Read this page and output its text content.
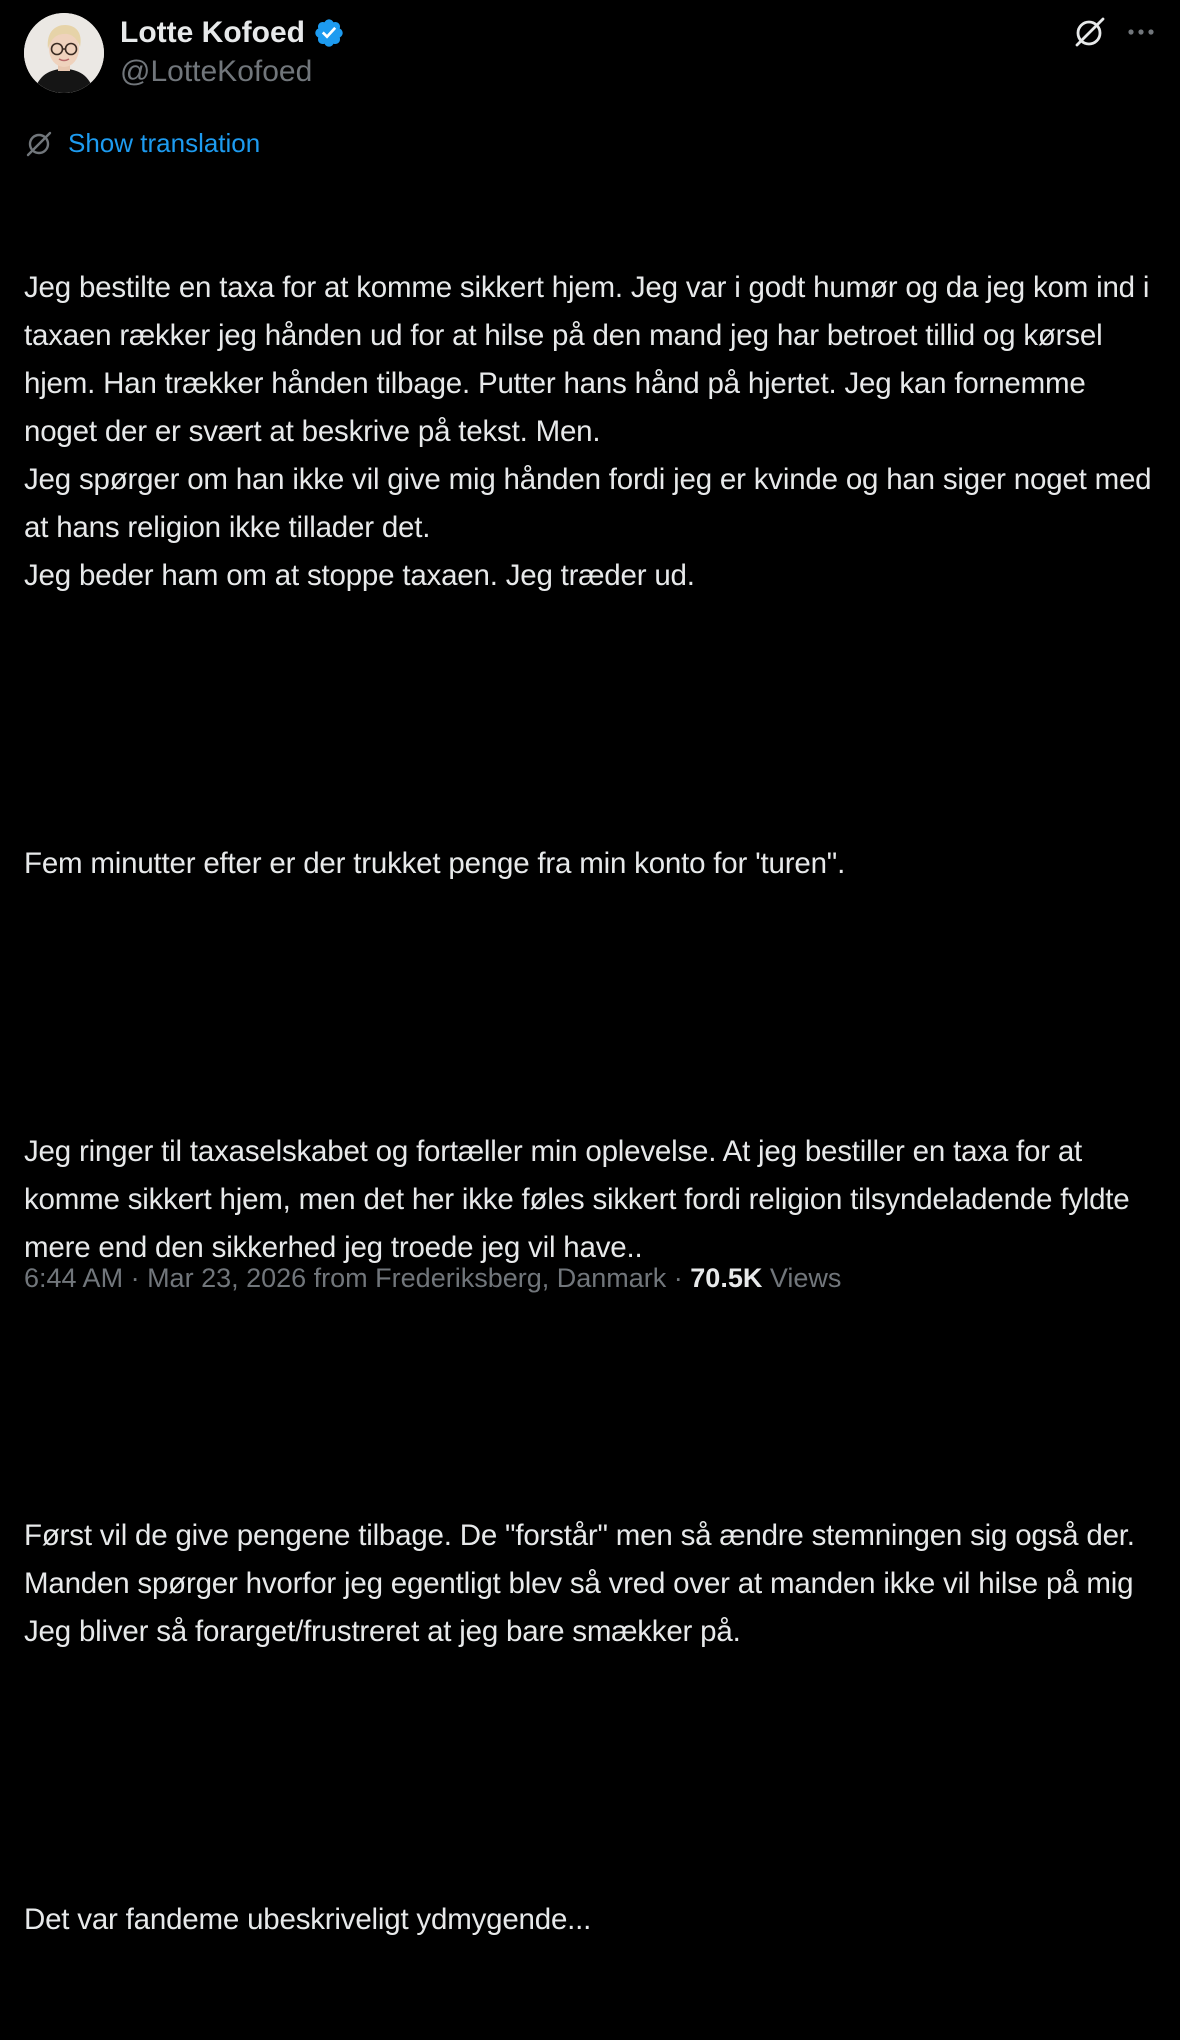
Lotte Kofoed
@LotteKofoed
Show translation

Jeg bestilte en taxa for at komme sikkert hjem. Jeg var i godt humør og da jeg kom ind i taxaen rækker jeg hånden ud for at hilse på den mand jeg har betroet tillid og kørsel hjem. Han trækker hånden tilbage. Putter hans hånd på hjertet. Jeg kan fornemme noget der er svært at beskrive på tekst. Men.
Jeg spørger om han ikke vil give mig hånden fordi jeg er kvinde og han siger noget med at hans religion ikke tillader det.
Jeg beder ham om at stoppe taxaen. Jeg træder ud.

Fem minutter efter er der trukket penge fra min konto for 'turen".

Jeg ringer til taxaselskabet og fortæller min oplevelse. At jeg bestiller en taxa for at komme sikkert hjem, men det her ikke føles sikkert fordi religion tilsyndeladende fyldte mere end den sikkerhed jeg troede jeg vil have..

Først vil de give pengene tilbage. De "forstår" men så ændre stemningen sig også der. Manden spørger hvorfor jeg egentligt blev så vred over at manden ikke vil hilse på mig Jeg bliver så forarget/frustreret at jeg bare smækker på.

Det var fandeme ubeskriveligt ydmygende...

6:44 AM · Mar 23, 2026 from Frederiksberg, Danmark · 70.5K Views
